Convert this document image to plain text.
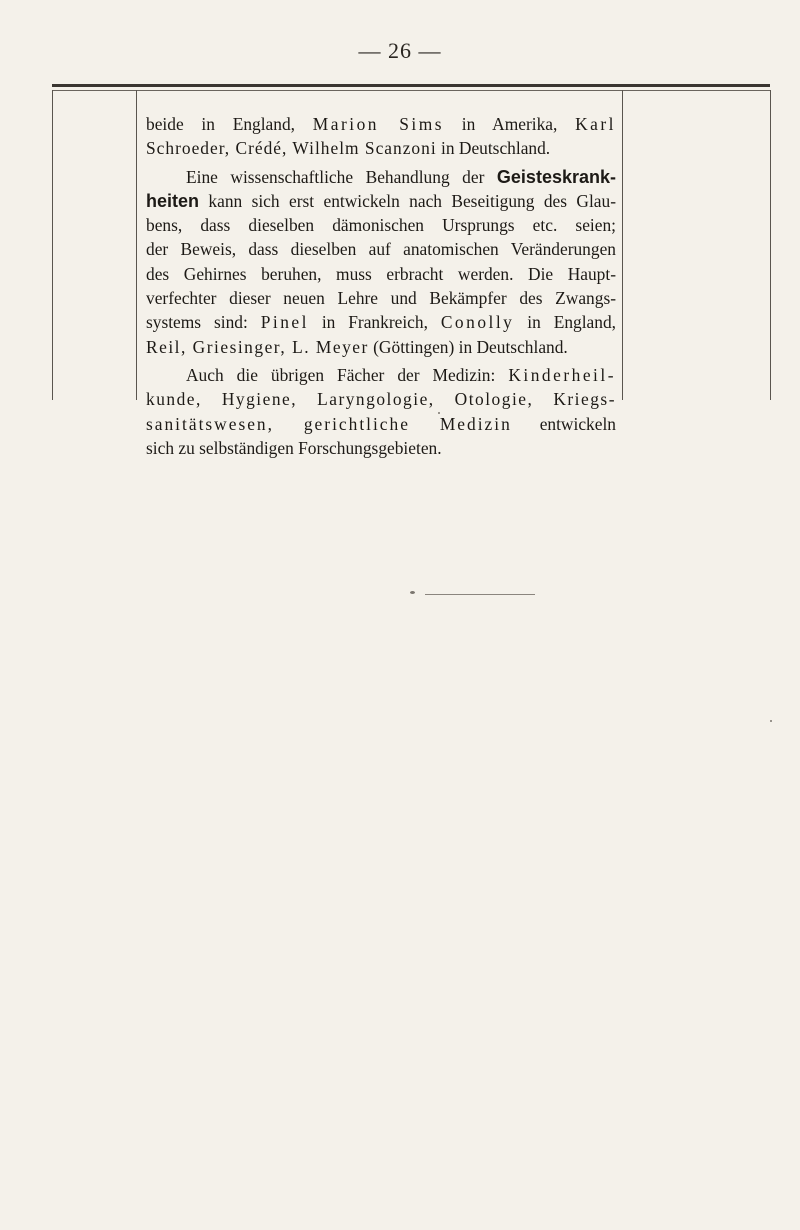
— 26 —

beide in England, Marion Sims in Amerika, Karl
Schroeder, Crédé, Wilhelm Scanzoni in Deutschland.

Eine wissenschaftliche Behandlung der Geisteskrank-
heiten kann sich erst entwickeln nach Beseitigung des Glau-
bens, dass dieselben dämonischen Ursprungs etc. seien;
der Beweis, dass dieselben auf anatomischen Veränderungen
des Gehirnes beruhen, muss erbracht werden. Die Haupt-
verfechter dieser neuen Lehre und Bekämpfer des Zwangs-
systems sind: Pinel in Frankreich, Conolly in England,
Reil, Griesinger, L. Meyer (Göttingen) in Deutschland.

Auch die übrigen Fächer der Medizin: Kinderheil-
kunde, Hygiene, Laryngologie, Otologie, Kriegs-
sanitätswesen, gerichtliche Medizin entwickeln
sich zu selbständigen Forschungsgebieten.
